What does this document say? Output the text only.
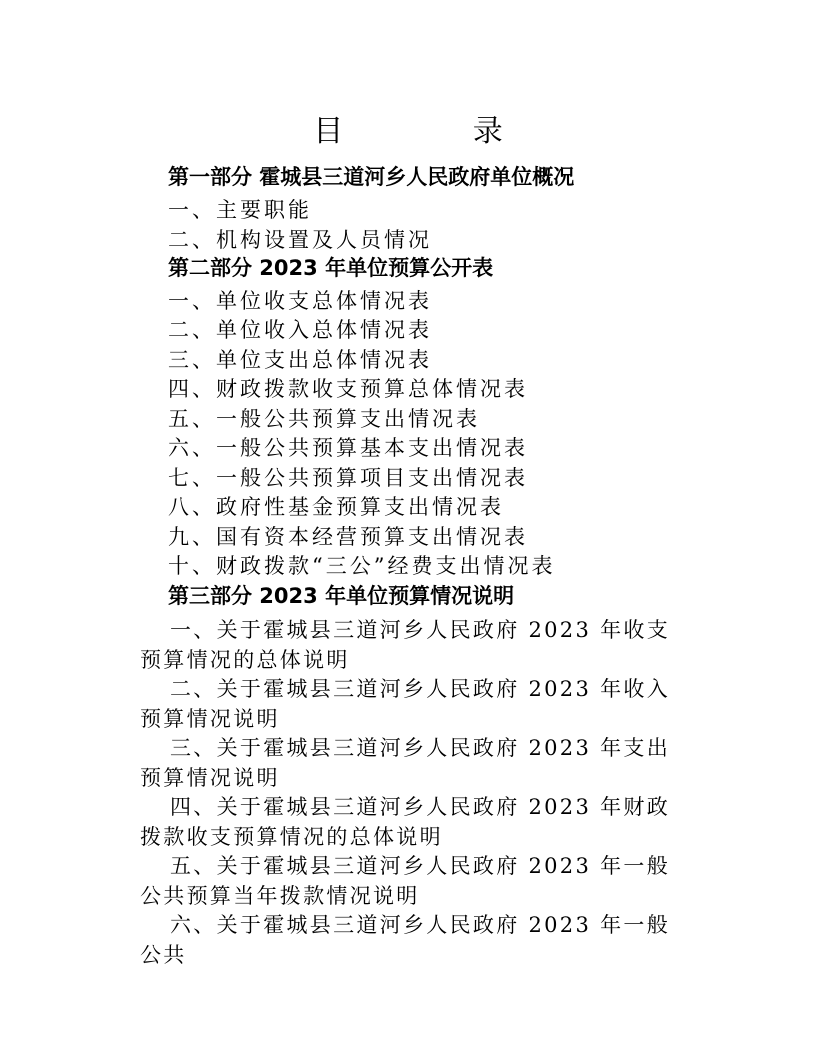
目 录
第一部分 霍城县三道河乡人民政府单位概况
一、主要职能
二、机构设置及人员情况
第二部分 2023 年单位预算公开表
一、单位收支总体情况表
二、单位收入总体情况表
三、单位支出总体情况表
四、财政拨款收支预算总体情况表
五、一般公共预算支出情况表
六、一般公共预算基本支出情况表
七、一般公共预算项目支出情况表
八、政府性基金预算支出情况表
九、国有资本经营预算支出情况表
十、财政拨款“三公”经费支出情况表
第三部分 2023 年单位预算情况说明
一、关于霍城县三道河乡人民政府 2023 年收支预算情况的总体说明
二、关于霍城县三道河乡人民政府 2023 年收入预算情况说明
三、关于霍城县三道河乡人民政府 2023 年支出预算情况说明
四、关于霍城县三道河乡人民政府 2023 年财政拨款收支预算情况的总体说明
五、关于霍城县三道河乡人民政府 2023 年一般公共预算当年拨款情况说明
六、关于霍城县三道河乡人民政府 2023 年一般公共
